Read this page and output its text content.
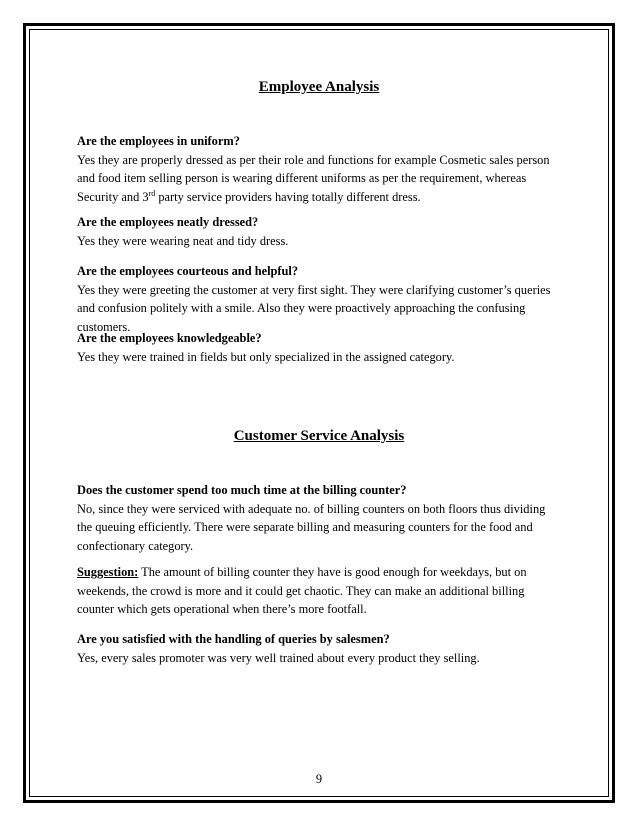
Employee Analysis
Are the employees in uniform?
Yes they are properly dressed as per their role and functions for example Cosmetic sales person and food item selling person is wearing different uniforms as per the requirement, whereas Security and 3rd party service providers having totally different dress.
Are the employees neatly dressed?
Yes they were wearing neat and tidy dress.
Are the employees courteous and helpful?
Yes they were greeting the customer at very first sight. They were clarifying customer’s queries and confusion politely with a smile. Also they were proactively approaching the confusing customers.
Are the employees knowledgeable?
Yes they were trained in fields but only specialized in the assigned category.
Customer Service Analysis
Does the customer spend too much time at the billing counter?
No, since they were serviced with adequate no. of billing counters on both floors thus dividing the queuing efficiently. There were separate billing and measuring counters for the food and confectionary category.
Suggestion: The amount of billing counter they have is good enough for weekdays, but on weekends, the crowd is more and it could get chaotic. They can make an additional billing counter which gets operational when there’s more footfall.
Are you satisfied with the handling of queries by salesmen?
Yes, every sales promoter was very well trained about every product they selling.
9
